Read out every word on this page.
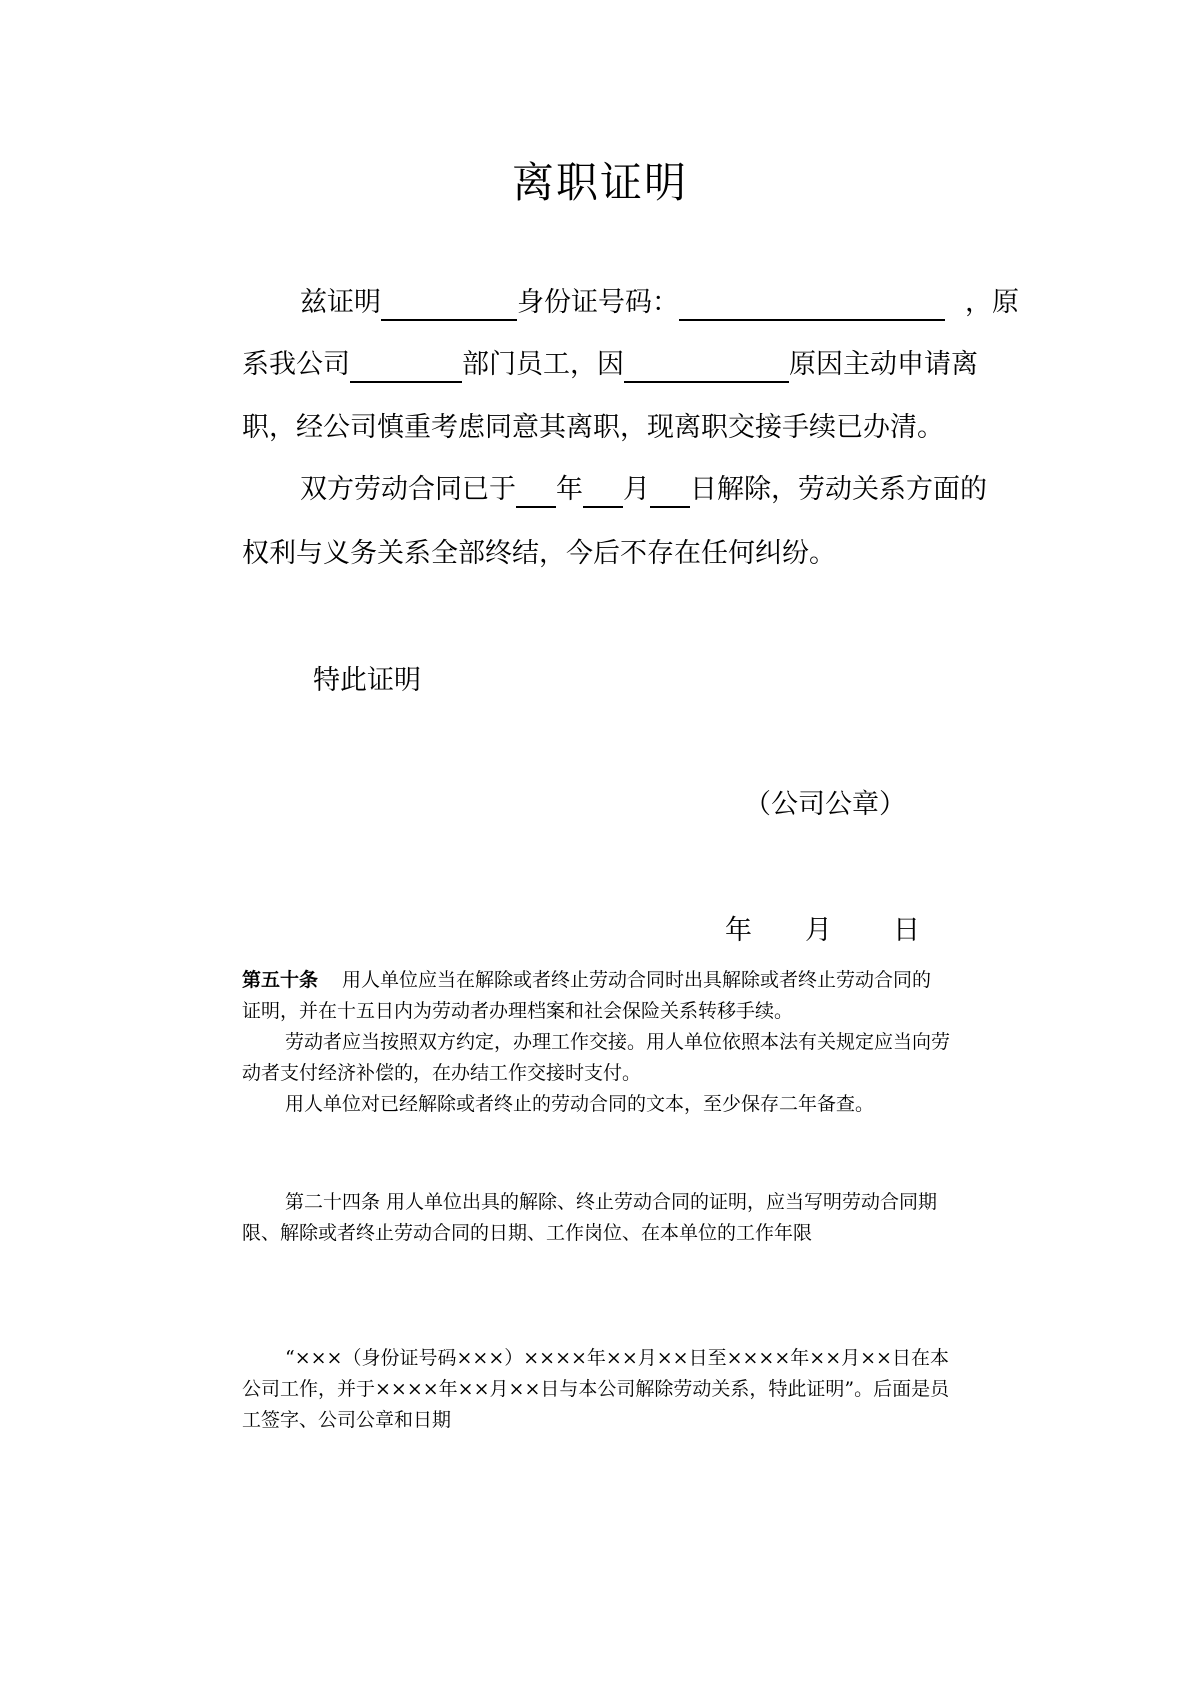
离职证明
兹证明	身份证号码：	，原
系我公司	部门员工，因	原因主动申请离
职，经公司慎重考虑同意其离职，现离职交接手续已办清。
双方劳动合同已于 年 月 日解除，劳动关系方面的
权利与义务关系全部终结，今后不存在任何纠纷。
特此证明
（公司公章）
年 月 日
第五十条 用人单位应当在解除或者终止劳动合同时出具解除或者终止劳动合同的
证明，并在十五日内为劳动者办理档案和社会保险关系转移手续。
劳动者应当按照双方约定，办理工作交接。用人单位依照本法有关规定应当向劳
动者支付经济补偿的，在办结工作交接时支付。
用人单位对已经解除或者终止的劳动合同的文本，至少保存二年备查。
第二十四条 用人单位出具的解除、终止劳动合同的证明，应当写明劳动合同期
限、解除或者终止劳动合同的日期、工作岗位、在本单位的工作年限
“×××（身份证号码×××）××××年××月××日至××××年××月××日在本
公司工作，并于××××年××月××日与本公司解除劳动关系，特此证明”。后面是员
工签字、公司公章和日期
